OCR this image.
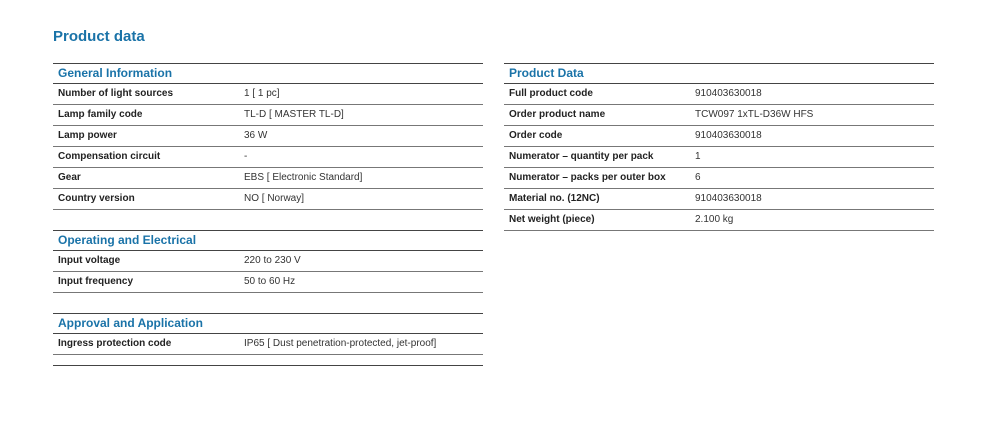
Product data
General Information
Number of light sources	1 [ 1 pc]
Lamp family code	TL-D [ MASTER TL-D]
Lamp power	36 W
Compensation circuit	-
Gear	EBS [ Electronic Standard]
Country version	NO [ Norway]
Operating and Electrical
Input voltage	220 to 230 V
Input frequency	50 to 60 Hz
Approval and Application
Ingress protection code	IP65 [ Dust penetration-protected, jet-proof]
Product Data
Full product code	910403630018
Order product name	TCW097 1xTL-D36W HFS
Order code	910403630018
Numerator – quantity per pack	1
Numerator – packs per outer box	6
Material no. (12NC)	910403630018
Net weight (piece)	2.100 kg
